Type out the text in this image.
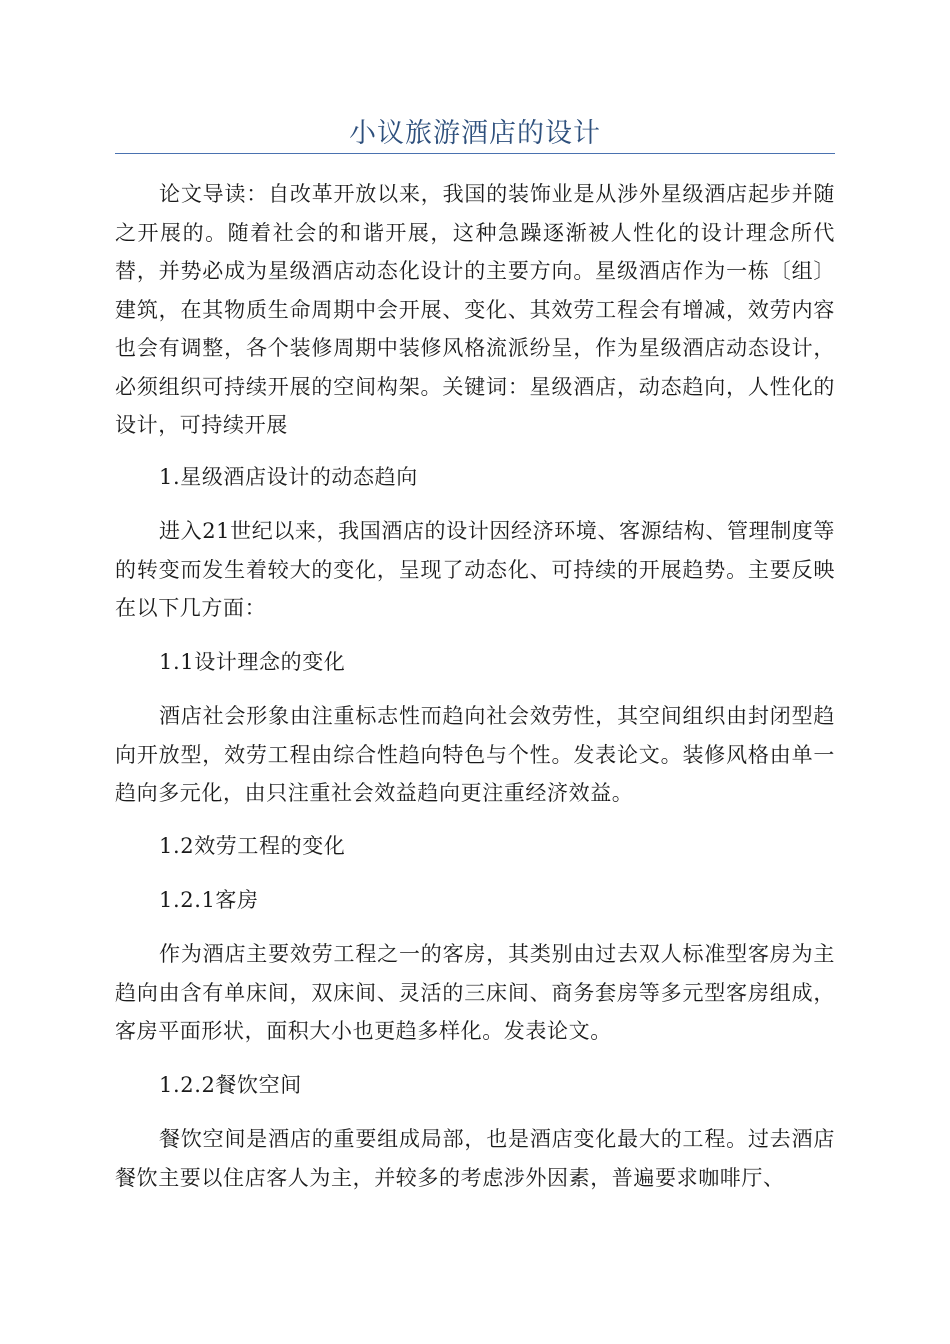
小议旅游酒店的设计

论文导读：自改革开放以来，我国的装饰业是从涉外星级酒店起步并随之开展的。随着社会的和谐开展，这种急躁逐渐被人性化的设计理念所代替，并势必成为星级酒店动态化设计的主要方向。星级酒店作为一栋〔组〕建筑，在其物质生命周期中会开展、变化、其效劳工程会有增减，效劳内容也会有调整，各个装修周期中装修风格流派纷呈，作为星级酒店动态设计，必须组织可持续开展的空间构架。关键词：星级酒店，动态趋向，人性化的设计，可持续开展

1.星级酒店设计的动态趋向

进入21世纪以来，我国酒店的设计因经济环境、客源结构、管理制度等的转变而发生着较大的变化，呈现了动态化、可持续的开展趋势。主要反映在以下几方面：

1.1设计理念的变化

酒店社会形象由注重标志性而趋向社会效劳性，其空间组织由封闭型趋向开放型，效劳工程由综合性趋向特色与个性。发表论文。装修风格由单一趋向多元化，由只注重社会效益趋向更注重经济效益。

1.2效劳工程的变化

1.2.1客房

作为酒店主要效劳工程之一的客房，其类别由过去双人标准型客房为主趋向由含有单床间，双床间、灵活的三床间、商务套房等多元型客房组成，客房平面形状，面积大小也更趋多样化。发表论文。

1.2.2餐饮空间

餐饮空间是酒店的重要组成局部，也是酒店变化最大的工程。过去酒店餐饮主要以住店客人为主，并较多的考虑涉外因素，普遍要求咖啡厅、
